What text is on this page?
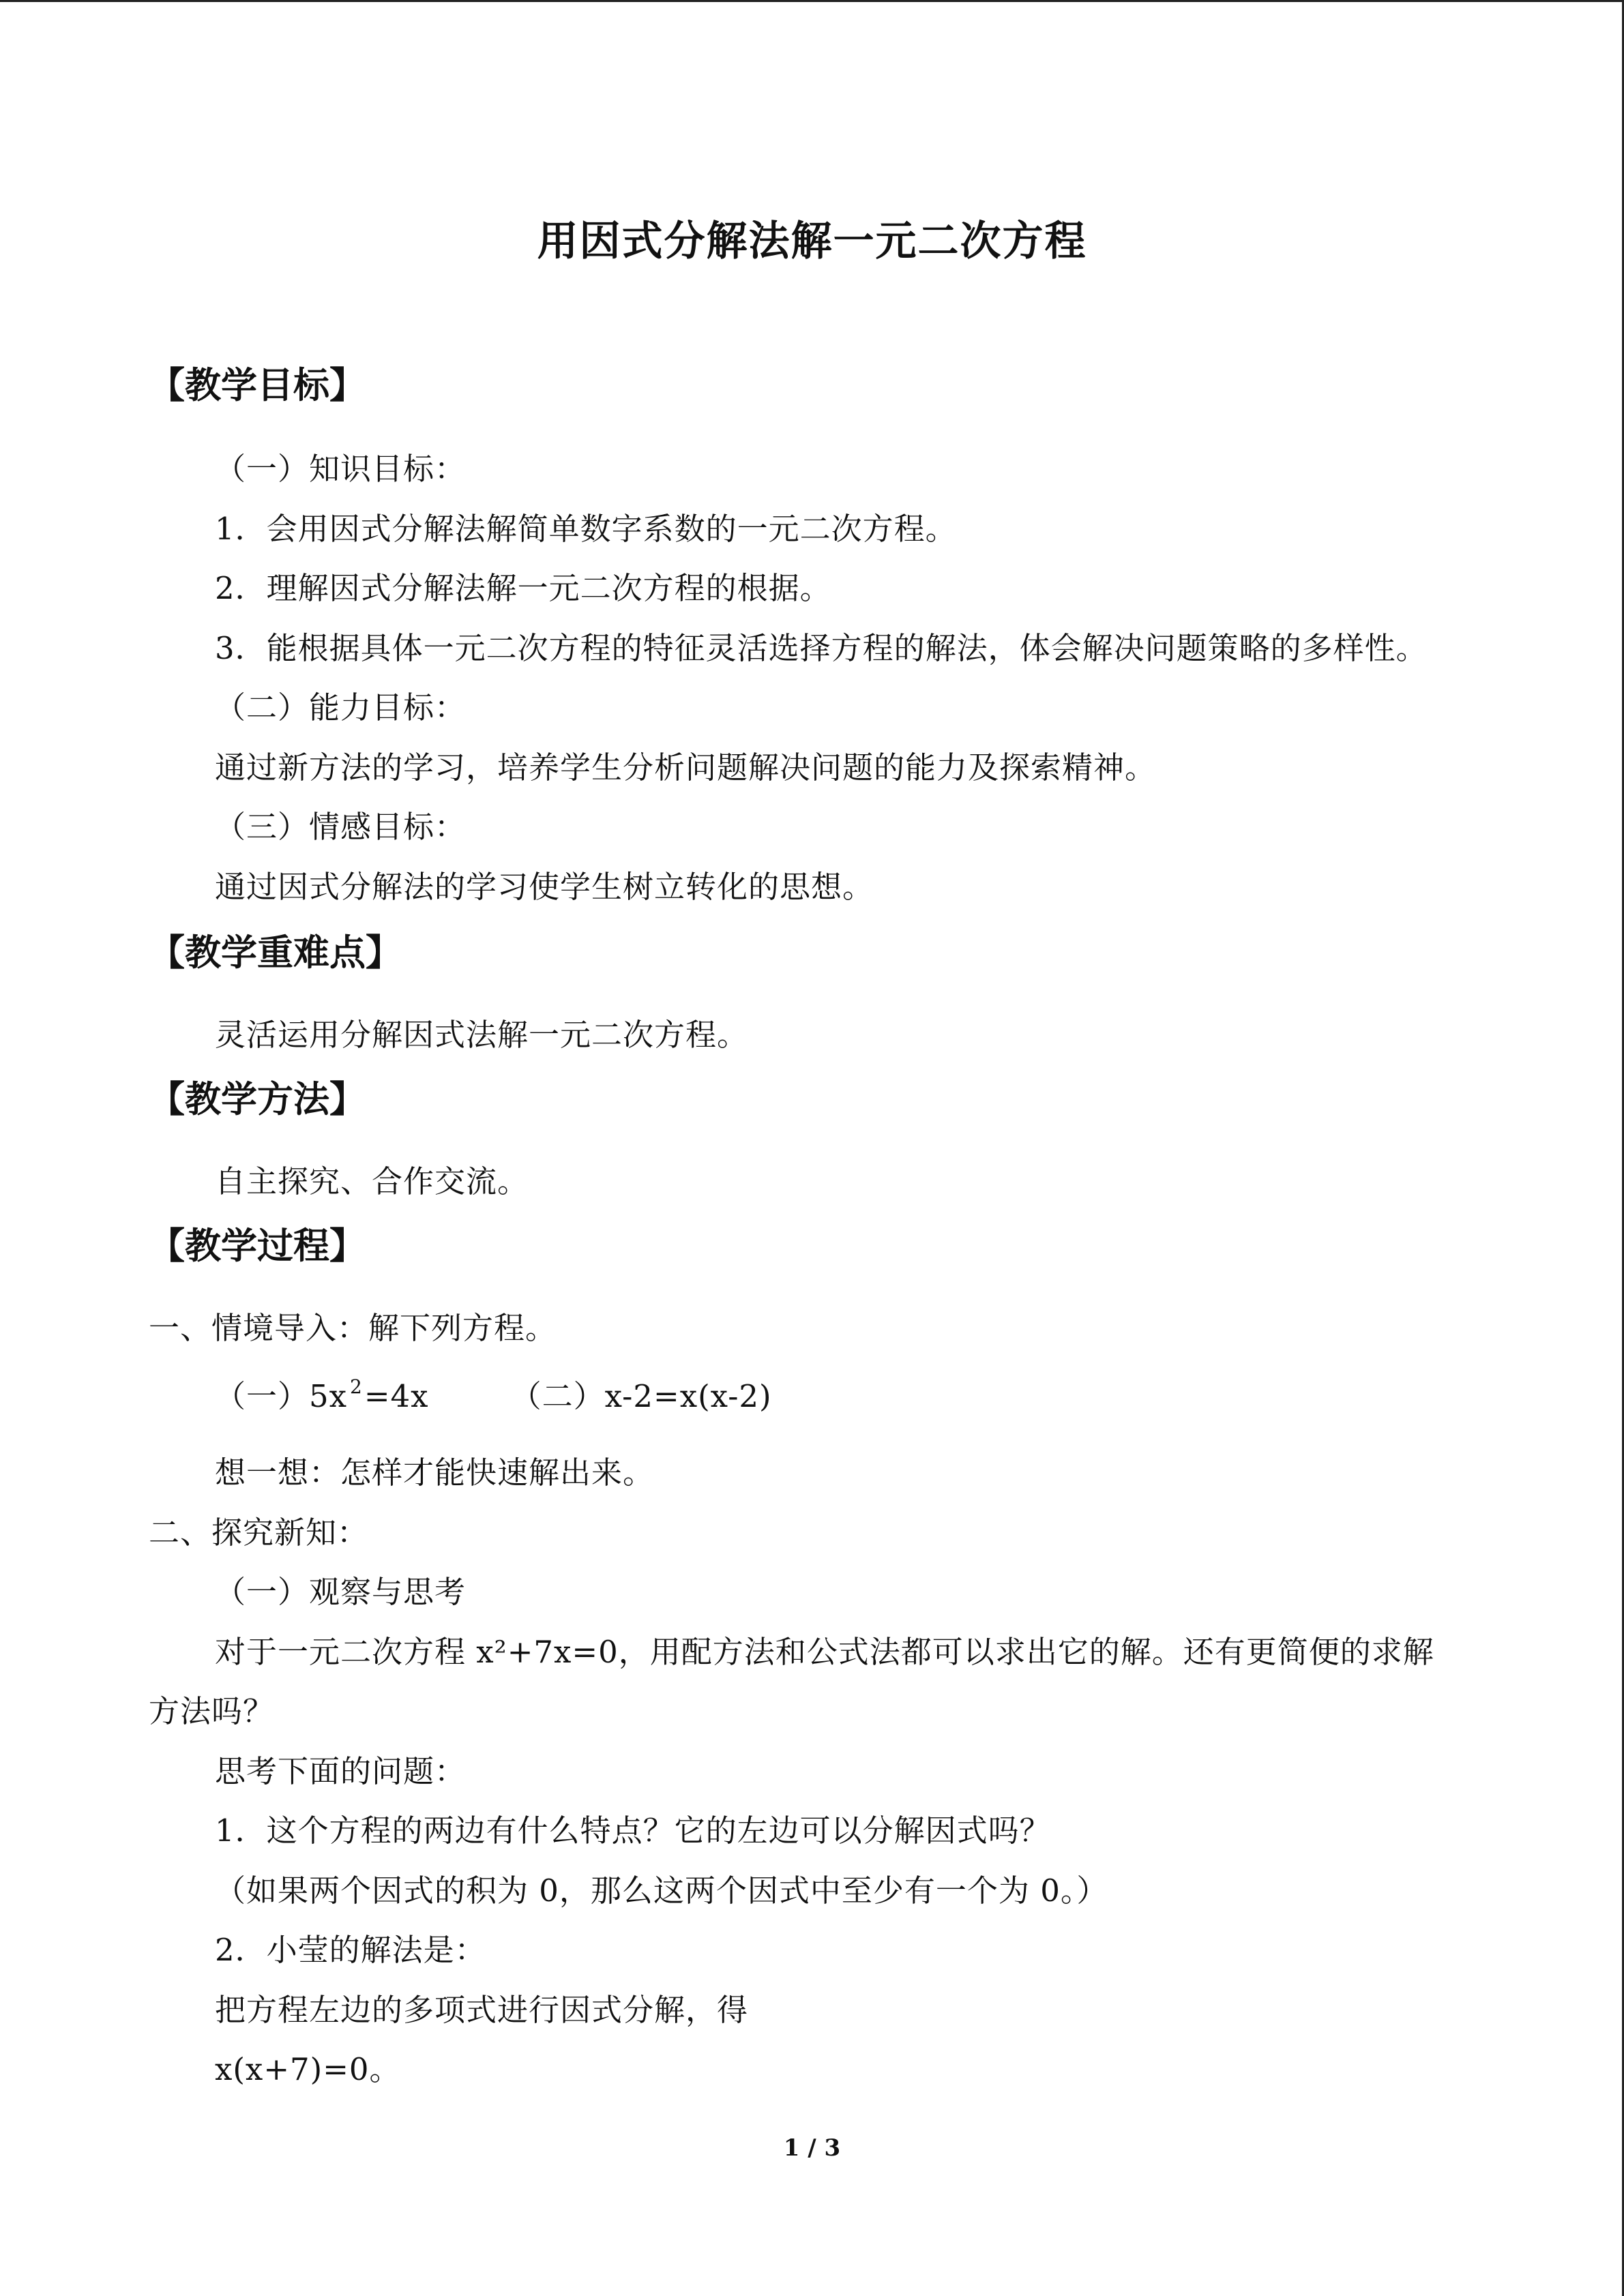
用因式分解法解一元二次方程
【教学目标】
（一）知识目标：
1．会用因式分解法解简单数字系数的一元二次方程。
2．理解因式分解法解一元二次方程的根据。
3．能根据具体一元二次方程的特征灵活选择方程的解法，体会解决问题策略的多样性。
（二）能力目标：
通过新方法的学习，培养学生分析问题解决问题的能力及探索精神。
（三）情感目标：
通过因式分解法的学习使学生树立转化的思想。
【教学重难点】
灵活运用分解因式法解一元二次方程。
【教学方法】
自主探究、合作交流。
【教学过程】
一、情境导入：解下列方程。
（一）5x $^2$=4x	（二）x-2=x(x-2)
想一想：怎样才能快速解出来。
二、探究新知：
（一）观察与思考
对于一元二次方程 x²+7x=0，用配方法和公式法都可以求出它的解。还有更简便的求解
方法吗？
思考下面的问题：
1．这个方程的两边有什么特点？它的左边可以分解因式吗？
（如果两个因式的积为 0，那么这两个因式中至少有一个为 0。）
2．小莹的解法是：
把方程左边的多项式进行因式分解，得
x(x+7)=0。
1 / 3
